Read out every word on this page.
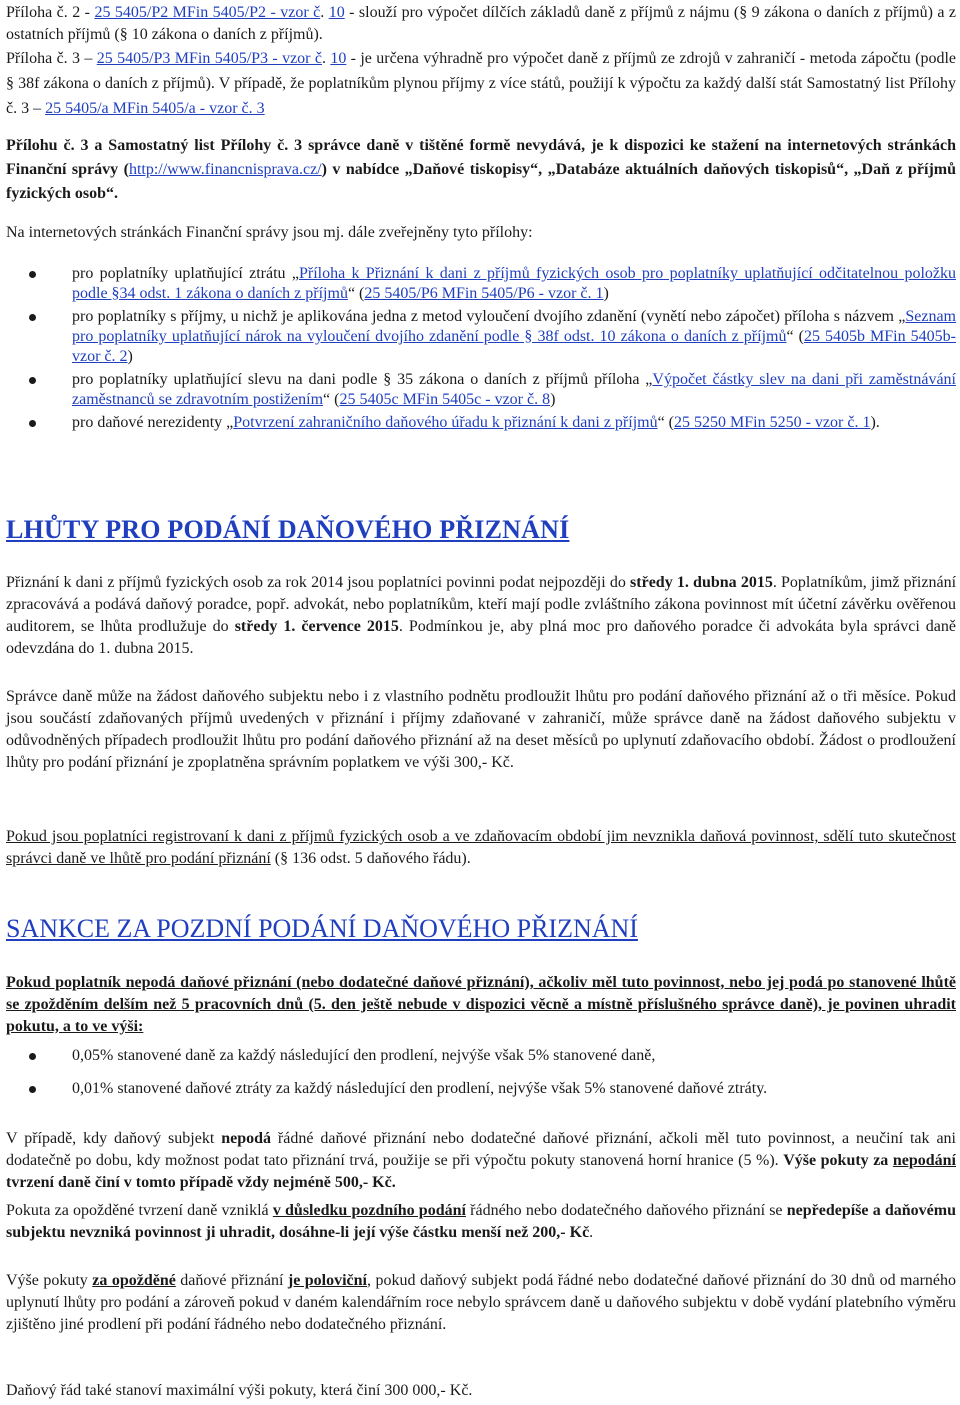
Příloha č. 2 - 25 5405/P2 MFin 5405/P2 - vzor č. 10 - slouží pro výpočet dílčích základů daně z příjmů z nájmu (§ 9 zákona o daních z příjmů) a z ostatních příjmů (§ 10 zákona o daních z příjmů).

Příloha č. 3 – 25 5405/P3 MFin 5405/P3 - vzor č. 10 - je určena výhradně pro výpočet daně z příjmů ze zdrojů v zahraničí - metoda zápočtu (podle § 38f zákona o daních z příjmů). V případě, že poplatníkům plynou příjmy z více států, použijí k výpočtu za každý další stát Samostatný list Přílohy č. 3 – 25 5405/a MFin 5405/a - vzor č. 3

Přílohu č. 3 a Samostatný list Přílohy č. 3 správce daně v tištěné formě nevydává, je k dispozici ke stažení na internetových stránkách Finanční správy (http://www.financnisprava.cz/) v nabídce „Daňové tiskopisy“, „Databáze aktuálních daňových tiskopisů“, „Daň z příjmů fyzických osob“.

Na internetových stránkách Finanční správy jsou mj. dále zveřejněny tyto přílohy:

pro poplatníky uplatňující ztrátu „Příloha k Přiznání k dani z příjmů fyzických osob pro poplatníky uplatňující odčitatelnou položku podle §34 odst. 1 zákona o daních z příjmů“ (25 5405/P6 MFin 5405/P6 - vzor č. 1)
pro poplatníky s příjmy, u nichž je aplikována jedna z metod vyloučení dvojího zdanění (vynětí nebo zápočet) příloha s názvem „Seznam pro poplatníky uplatňující nárok na vyloučení dvojího zdanění podle § 38f odst. 10 zákona o daních z příjmů“ (25 5405b MFin 5405b- vzor č. 2)
pro poplatníky uplatňující slevu na dani podle § 35 zákona o daních z příjmů příloha „Výpočet částky slev na dani při zaměstnávání zaměstnanců se zdravotním postižením“ (25 5405c MFin 5405c - vzor č. 8)
pro daňové nerezidenty „Potvrzení zahraničního daňového úřadu k přiznání k dani z příjmů“ (25 5250 MFin 5250 - vzor č. 1).
LHŮTY PRO PODÁNÍ DAŇOVÉHO PŘIZNÁNÍ

Přiznání k dani z příjmů fyzických osob za rok 2014 jsou poplatníci povinni podat nejpozději do středy 1. dubna 2015. Poplatníkům, jimž přiznání zpracovává a podává daňový poradce, popř. advokát, nebo poplatníkům, kteří mají podle zvláštního zákona povinnost mít účetní závěrku ověřenou auditorem, se lhůta prodlužuje do středy 1. července 2015. Podmínkou je, aby plná moc pro daňového poradce či advokáta byla správci daně odevzdána do 1. dubna 2015.

Správce daně může na žádost daňového subjektu nebo i z vlastního podnětu prodloužit lhůtu pro podání daňového přiznání až o tři měsíce. Pokud jsou součástí zdaňovaných příjmů uvedených v přiznání i příjmy zdaňované v zahraničí, může správce daně na žádost daňového subjektu v odůvodněných případech prodloužit lhůtu pro podání daňového přiznání až na deset měsíců po uplynutí zdaňovacího období. Žádost o prodloužení lhůty pro podání přiznání je zpoplatněna správním poplatkem ve výši 300,- Kč.

Pokud jsou poplatníci registrovaní k dani z příjmů fyzických osob a ve zdaňovacím období jim nevznikla daňová povinnost, sdělí tuto skutečnost správci daně ve lhůtě pro podání přiznání (§ 136 odst. 5 daňového řádu).

SANKCE ZA POZDNÍ PODÁNÍ DAŇOVÉHO PŘIZNÁNÍ

Pokud poplatník nepodá daňové přiznání (nebo dodatečné daňové přiznání), ačkoliv měl tuto povinnost, nebo jej podá po stanovené lhůtě se zpožděním delším než 5 pracovních dnů (5. den ještě nebude v dispozici věcně a místně příslušného správce daně), je povinen uhradit pokutu, a to ve výši:

0,05% stanovené daně za každý následující den prodlení, nejvýše však 5% stanovené daně,
0,01% stanovené daňové ztráty za každý následující den prodlení, nejvýše však 5% stanovené daňové ztráty.

V případě, kdy daňový subjekt nepodá řádné daňové přiznání nebo dodatečné daňové přiznání, ačkoli měl tuto povinnost, a neučiní tak ani dodatečně po dobu, kdy možnost podat tato přiznání trvá, použije se při výpočtu pokuty stanovená horní hranice (5 %). Výše pokuty za nepodání tvrzení daně činí v tomto případě vždy nejméně 500,- Kč.

Pokuta za opožděné tvrzení daně vzniklá v důsledku pozdního podání řádného nebo dodatečného daňového přiznání se nepředepíše a daňovému subjektu nevzniká povinnost ji uhradit, dosáhne-li její výše částku menší než 200,- Kč.

Výše pokuty za opožděné daňové přiznání je poloviční, pokud daňový subjekt podá řádné nebo dodatečné daňové přiznání do 30 dnů od marného uplynutí lhůty pro podání a zároveň pokud v daném kalendářním roce nebylo správcem daně u daňového subjektu v době vydání platebního výměru zjištěno jiné prodlení při podání řádného nebo dodatečného přiznání.

Daňový řád také stanoví maximální výši pokuty, která činí 300 000,- Kč.
